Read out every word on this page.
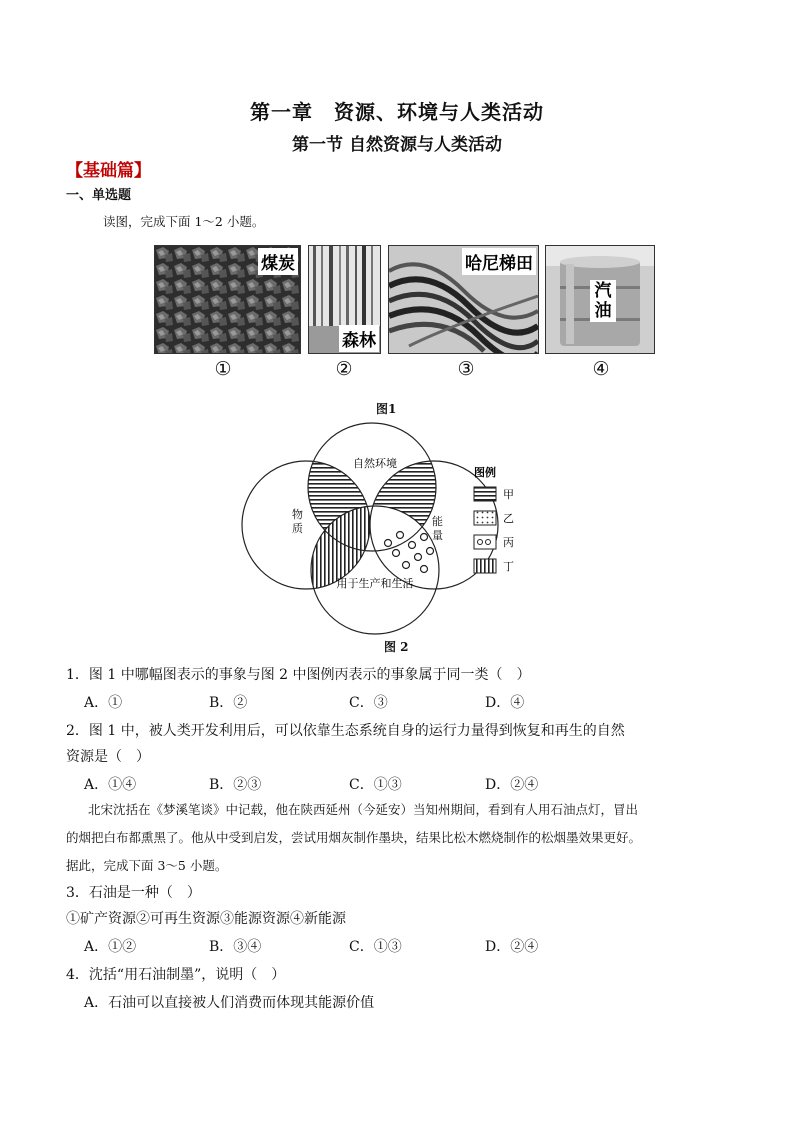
第一章　资源、环境与人类活动
第一节 自然资源与人类活动
【基础篇】
一、单选题
读图，完成下面 1～2 小题。
煤炭
森林
哈尼梯田
汽油
①	②	③	④
图1
自然环境
用于生产和生活
图例
甲
乙
丙
丁
物质
能量
图 2
1．图 1 中哪幅图表示的事象与图 2 中图例丙表示的事象属于同一类（　）
A．①	B．②	C．③	D．④
2．图 1 中，被人类开发利用后，可以依靠生态系统自身的运行力量得到恢复和再生的自然
资源是（　）
A．①④	B．②③	C．①③	D．②④
北宋沈括在《梦溪笔谈》中记载，他在陕西延州（今延安）当知州期间，看到有人用石油点灯，冒出
的烟把白布都熏黑了。他从中受到启发，尝试用烟灰制作墨块，结果比松木燃烧制作的松烟墨效果更好。
据此，完成下面 3～5 小题。
3．石油是一种（　）
①矿产资源②可再生资源③能源资源④新能源
A．①②	B．③④	C．①③	D．②④
4．沈括“用石油制墨”，说明（　）
A．石油可以直接被人们消费而体现其能源价值
